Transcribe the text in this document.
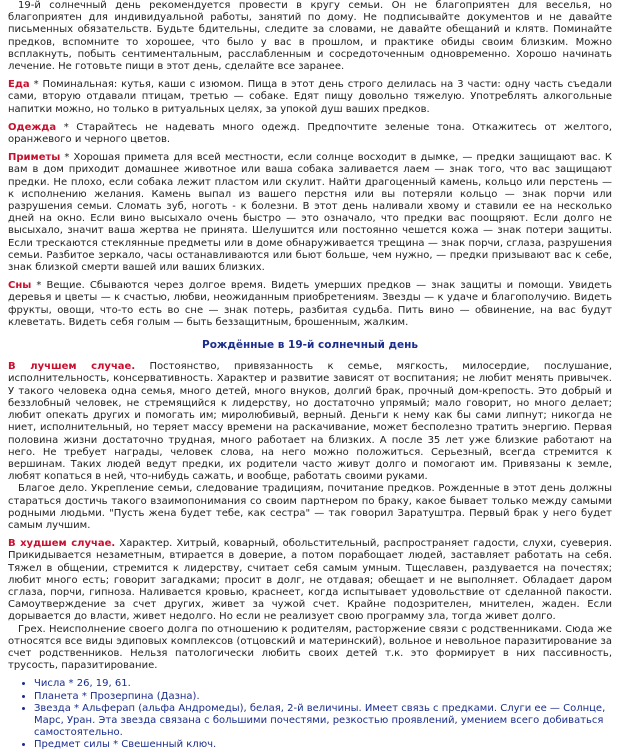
19-й солнечный день рекомендуется провести в кругу семьи. Он не благоприятен для веселья, но благоприятен для индивидуальной работы, занятий по дому. Не подписывайте документов и не давайте письменных обязательств. Будьте бдительны, следите за словами, не давайте обещаний и клятв. Поминайте предков, вспомните то хорошее, что было у вас в прошлом, и практике обиды своим близким. Можно всплакнуть, побыть сентиментальным, расслабленным и сосредоточенным одновременно. Хорошо начинать лечение. Не готовьте пищи в этот день, сделайте все заранее.

Еда * Поминальная: кутья, каши с изюмом. Пища в этот день строго делилась на 3 части: одну часть съедали сами, вторую отдавали птицам, третью — собаке. Едят пищу довольно тяжелую. Употреблять алкогольные напитки можно, но только в ритуальных целях, за упокой душ ваших предков.

Одежда * Старайтесь не надевать много одежд. Предпочтите зеленые тона. Откажитесь от желтого, оранжевого и черного цветов.

Приметы * Хорошая примета для всей местности, если солнце восходит в дымке, — предки защищают вас. К вам в дом приходит домашнее животное или ваша собака заливается лаем — знак того, что вас защищают предки. Не плохо, если собака лежит пластом или скулит. Найти драгоценный камень, кольцо или перстень — к исполнению желания. Камень выпал из вашего перстня или вы потеряли кольцо — знак порчи или разрушения семьи. Сломать зуб, ноготь - к болезни. В этот день наливали хвому и ставили ее на несколько дней на окно. Если вино высыхало очень быстро — это означало, что предки вас поощряют. Если долго не высыхало, значит ваша жертва не принята. Шелушится или постоянно чешется кожа — знак потери защиты. Если трескаются стеклянные предметы или в доме обнаруживается трещина — знак порчи, сглаза, разрушения семьи. Разбитое зеркало, часы останавливаются или бьют больше, чем нужно, — предки призывают вас к себе, знак близкой смерти вашей или ваших близких.

Сны * Вещие. Сбываются через долгое время. Видеть умерших предков — знак защиты и помощи. Увидеть деревья и цветы — к счастью, любви, неожиданным приобретениям. Звезды — к удаче и благополучию. Видеть фрукты, овощи, что-то есть во сне — знак потерь, разбитая судьба. Пить вино — обвинение, на вас будут клеветать. Видеть себя голым — быть беззащитным, брошенным, жалким.

Рождённые в 19-й солнечный день

В лучшем случае. Постоянство, привязанность к семье, мягкость, милосердие, послушание, исполнительность, консервативность. Характер и развитие зависят от воспитания; не любит менять привычек. У такого человека одна семья, много детей, много внуков, долгий брак, прочный дом-крепость. Это добрый и беззлобный человек, не стремящийся к лидерству, но достаточно упрямый; мало говорит, но много делает; любит опекать других и помогать им; миролюбивый, верный. Деньги к нему как бы сами липнут; никогда не ниет, исполнительный, но теряет массу времени на раскачивание, может бесполезно тратить энергию. Первая половина жизни достаточно трудная, много работает на близких. А после 35 лет уже близкие работают на него. Не требует награды, человек слова, на него можно положиться. Серьезный, всегда стремится к вершинам. Таких людей ведут предки, их родители часто живут долго и помогают им. Привязаны к земле, любят копаться в ней, что-нибудь сажать, и вообще, работать своими руками.

Благое дело. Укрепление семьи, следование традициям, почитание предков. Рожденные в этот день должны стараться достичь такого взаимопонимания со своим партнером по браку, какое бывает только между самыми родными людьми. "Пусть жена будет тебе, как сестра" — так говорил Заратуштра. Первый брак у него будет самым лучшим.

В худшем случае. Характер. Хитрый, коварный, обольстительный, распространяет гадости, слухи, суеверия. Прикидывается незаметным, втирается в доверие, а потом порабощает людей, заставляет работать на себя. Тяжел в общении, стремится к лидерству, считает себя самым умным. Тщеславен, раздувается на почестях; любит много есть; говорит загадками; просит в долг, не отдавая; обещает и не выполняет. Обладает даром сглаза, порчи, гипноза. Наливается кровью, краснеет, когда испытывает удовольствие от сделанной пакости. Самоутверждение за счет других, живет за чужой счет. Крайне подозрителен, мнителен, жаден. Если дорывается до власти, живет недолго. Но если не реализует свою программу зла, тогда живет долго.

Грех. Неисполнение своего долга по отношению к родителям, расторжение связи с родственниками. Сюда же относятся все виды эдиповых комплексов (отцовский и материнский), вольное и невольное паразитирование за счет родственников. Нельзя патологически любить своих детей т.к. это формирует в них пассивность, трусость, паразитирование.

• Числа * 26, 19, 61.
• Планета * Прозерпина (Дазна).
• Звезда * Альферап (альфа Андромеды), белая, 2-й величины. Имеет связь с предками. Слуги ее — Солнце, Марс, Уран. Эта звезда связана с большими почестями, резкостью проявлений, умением всего добиваться самостоятельно.
• Предмет силы * Свешенный ключ.
